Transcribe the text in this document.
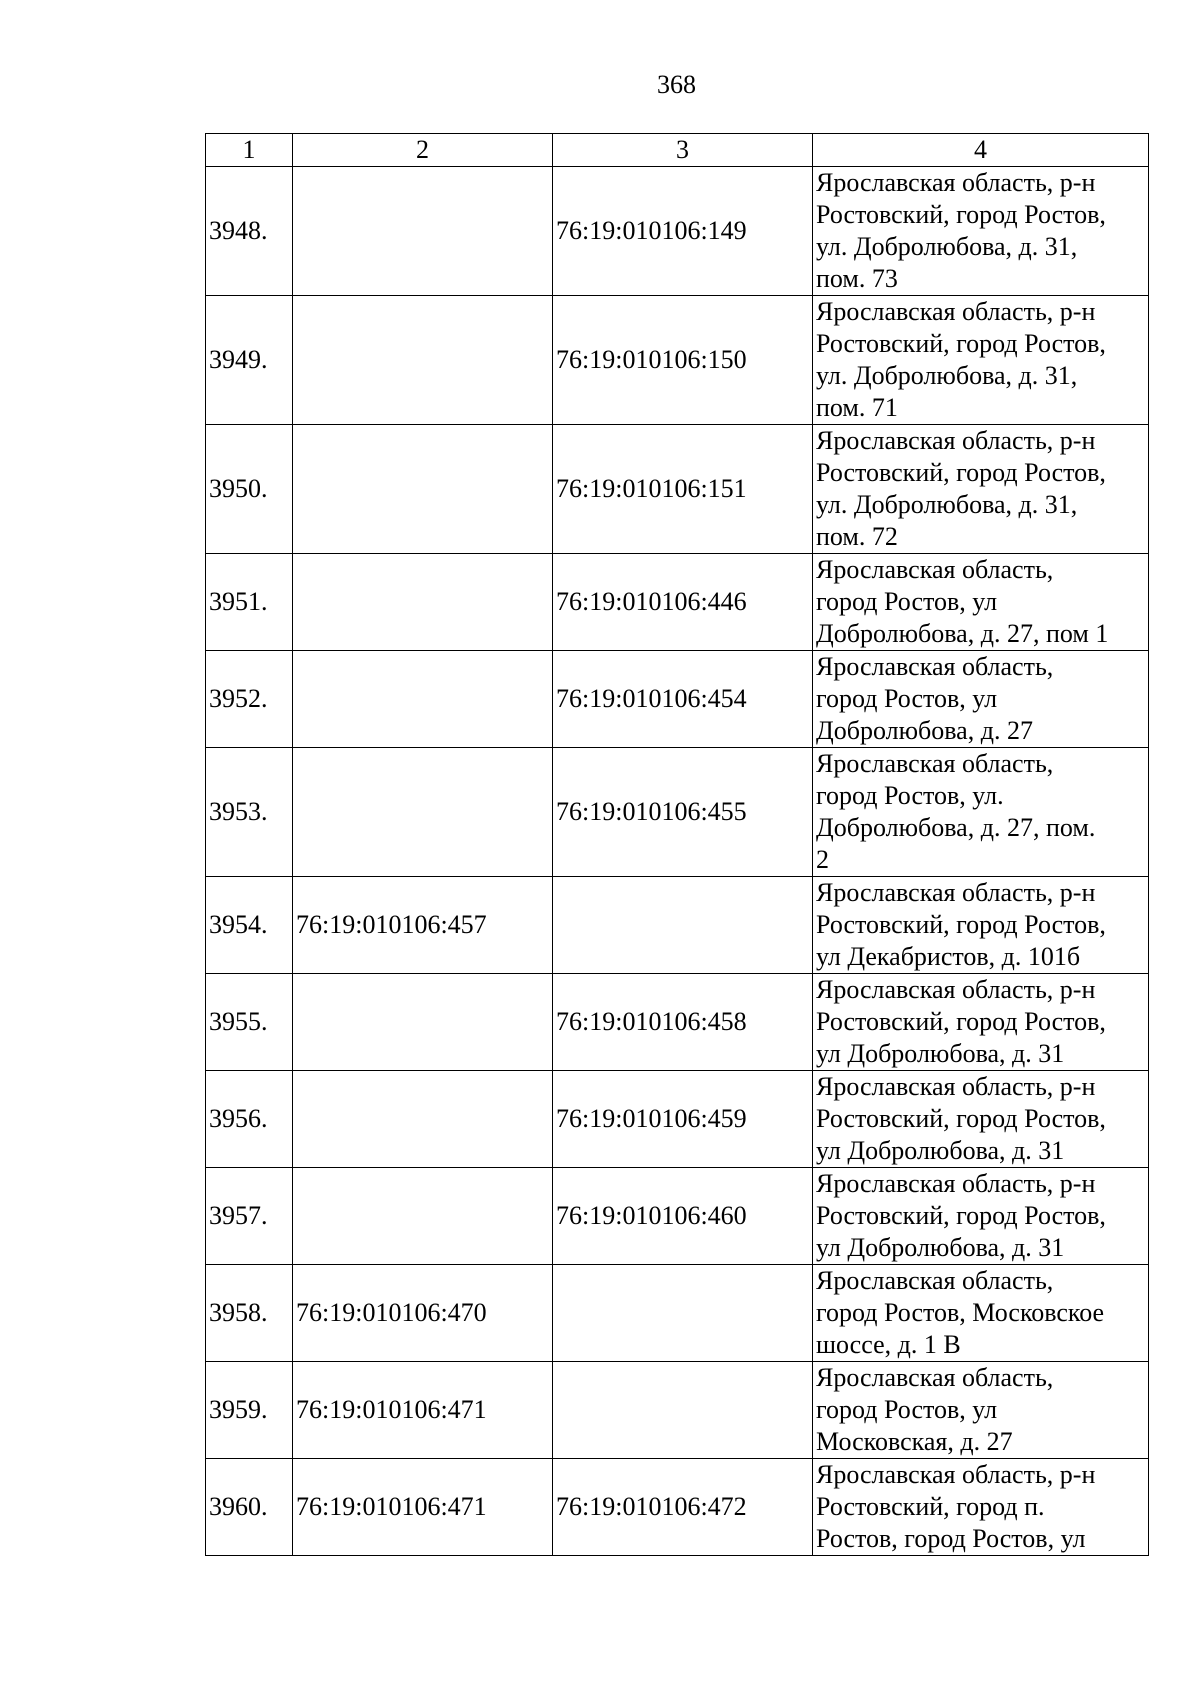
368
1	2	3	4
3948.		76:19:010106:149	Ярославская область, р-н
Ростовский, город Ростов,
ул. Добролюбова, д. 31,
пом. 73
3949.		76:19:010106:150	Ярославская область, р-н
Ростовский, город Ростов,
ул. Добролюбова, д. 31,
пом. 71
3950.		76:19:010106:151	Ярославская область, р-н
Ростовский, город Ростов,
ул. Добролюбова, д. 31,
пом. 72
3951.		76:19:010106:446	Ярославская область,
город Ростов, ул
Добролюбова, д. 27, пом 1
3952.		76:19:010106:454	Ярославская область,
город Ростов, ул
Добролюбова, д. 27
3953.		76:19:010106:455	Ярославская область,
город Ростов, ул.
Добролюбова, д. 27, пом.
2
3954.	76:19:010106:457		Ярославская область, р-н
Ростовский, город Ростов,
ул Декабристов, д. 101б
3955.		76:19:010106:458	Ярославская область, р-н
Ростовский, город Ростов,
ул Добролюбова, д. 31
3956.		76:19:010106:459	Ярославская область, р-н
Ростовский, город Ростов,
ул Добролюбова, д. 31
3957.		76:19:010106:460	Ярославская область, р-н
Ростовский, город Ростов,
ул Добролюбова, д. 31
3958.	76:19:010106:470		Ярославская область,
город Ростов, Московское
шоссе, д. 1 В
3959.	76:19:010106:471		Ярославская область,
город Ростов, ул
Московская, д. 27
3960.	76:19:010106:471	76:19:010106:472	Ярославская область, р-н
Ростовский, город п.
Ростов, город Ростов, ул
